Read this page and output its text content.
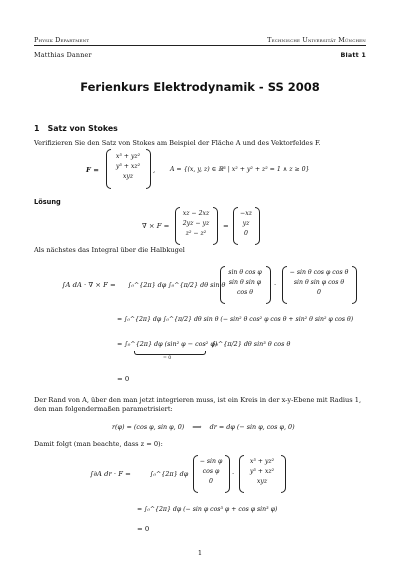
Physik Department	Technische Universität München
Matthias Danner	Blatt 1
Ferienkurs Elektrodynamik - SS 2008
1 Satz von Stokes
Verifizieren Sie den Satz von Stokes am Beispiel der Fläche A und des Vektorfeldes F.
F =
x³ + yz²
y³ + xz²
xyz
, A = {(x, y, z) ∈ ℝ³ | x² + y² + z² = 1 ∧ z ≥ 0}
Lösung
∇ × F =
xz − 2xz
2yz − yz
z² − z²
=
−xz
yz
0
Als nächstes das Integral über die Halbkugel
∫A dA · ∇ × F = ∫₀^{2π} dφ ∫₀^{π/2} dθ sin θ
sin θ cos φ
sin θ sin φ
cos θ
·
− sin θ cos φ cos θ
sin θ sin φ cos θ
0
= ∫₀^{2π} dφ ∫₀^{π/2} dθ sin θ (− sin² θ cos² φ cos θ + sin² θ sin² φ cos θ)
= ∫₀^{2π} dφ (sin² φ − cos² φ)
= 0
∫₀^{π/2} dθ sin³ θ cos θ
= 0
Der Rand von A, über den man jetzt integrieren muss, ist ein Kreis in der x-y-Ebene mit Radius 1, den man folgendermaßen parametrisiert:
r(φ) = (cos φ, sin φ, 0)    ⟹    dr = dφ (− sin φ, cos φ, 0)
Damit folgt (man beachte, dass z = 0):
∫∂A dr · F =	∫₀^{2π} dφ
− sin φ
cos φ
0
·
x³ + yz²
y³ + xz²
xyz
= ∫₀^{2π} dφ (− sin φ cos³ φ + cos φ sin³ φ)
= 0
1
